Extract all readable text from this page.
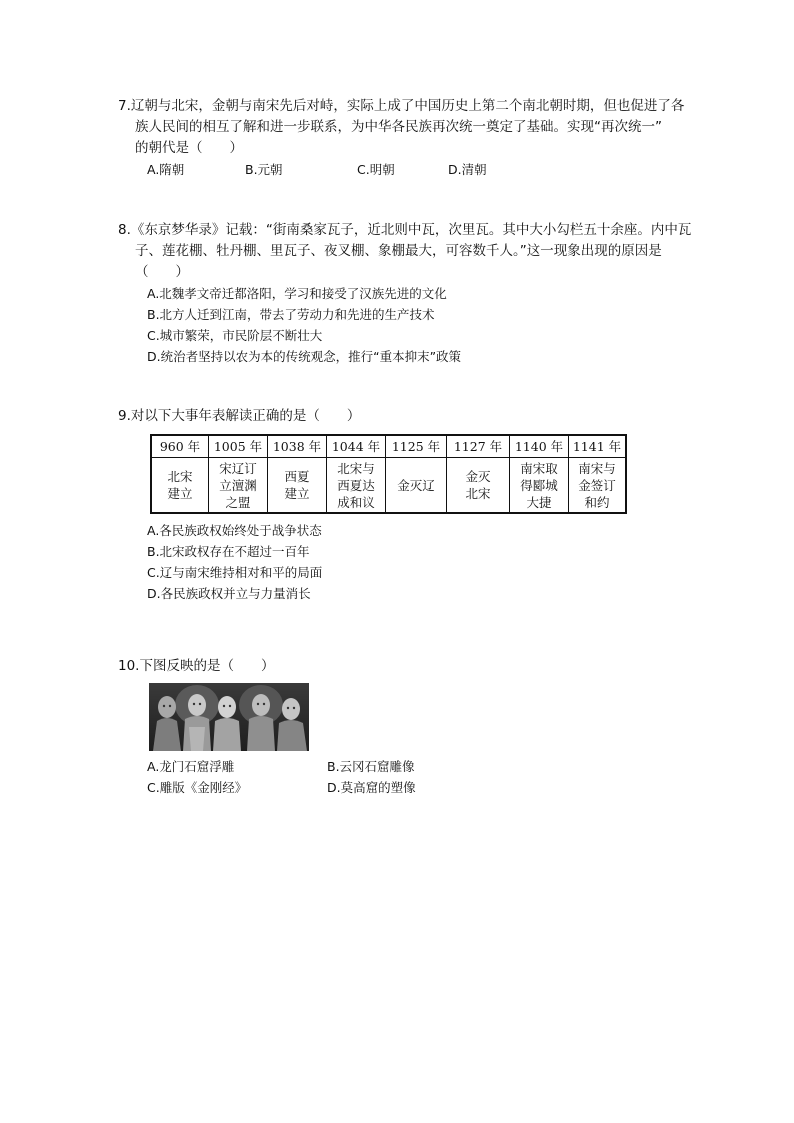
7.辽朝与北宋，金朝与南宋先后对峙，实际上成了中国历史上第二个南北朝时期，但也促进了各

族人民间的相互了解和进一步联系，为中华各民族再次统一奠定了基础。实现“再次统一”

的朝代是（　　）

A.隋朝	B.元朝	C.明朝	D.清朝

8.《东京梦华录》记载：“街南桑家瓦子，近北则中瓦，次里瓦。其中大小勾栏五十余座。内中瓦

子、莲花棚、牡丹棚、里瓦子、夜叉棚、象棚最大，可容数千人。”这一现象出现的原因是

（　　）

A.北魏孝文帝迁都洛阳，学习和接受了汉族先进的文化
B.北方人迁到江南，带去了劳动力和先进的生产技术
C.城市繁荣，市民阶层不断壮大
D.统治者坚持以农为本的传统观念，推行“重本抑末”政策

9.对以下大事年表解读正确的是（　　）

960 年	1005 年	1038 年	1044 年	1125 年	1127 年	1140 年	1141 年
北宋
建立	宋辽订
立澶渊
之盟	西夏
建立	北宋与
西夏达
成和议	金灭辽	金灭
北宋	南宋取
得郾城
大捷	南宋与
金签订
和约
A.各民族政权始终处于战争状态
B.北宋政权存在不超过一百年
C.辽与南宋维持相对和平的局面
D.各民族政权并立与力量消长

10.下图反映的是（　　）

A.龙门石窟浮雕	B.云冈石窟雕像
C.雕版《金刚经》	D.莫高窟的塑像
